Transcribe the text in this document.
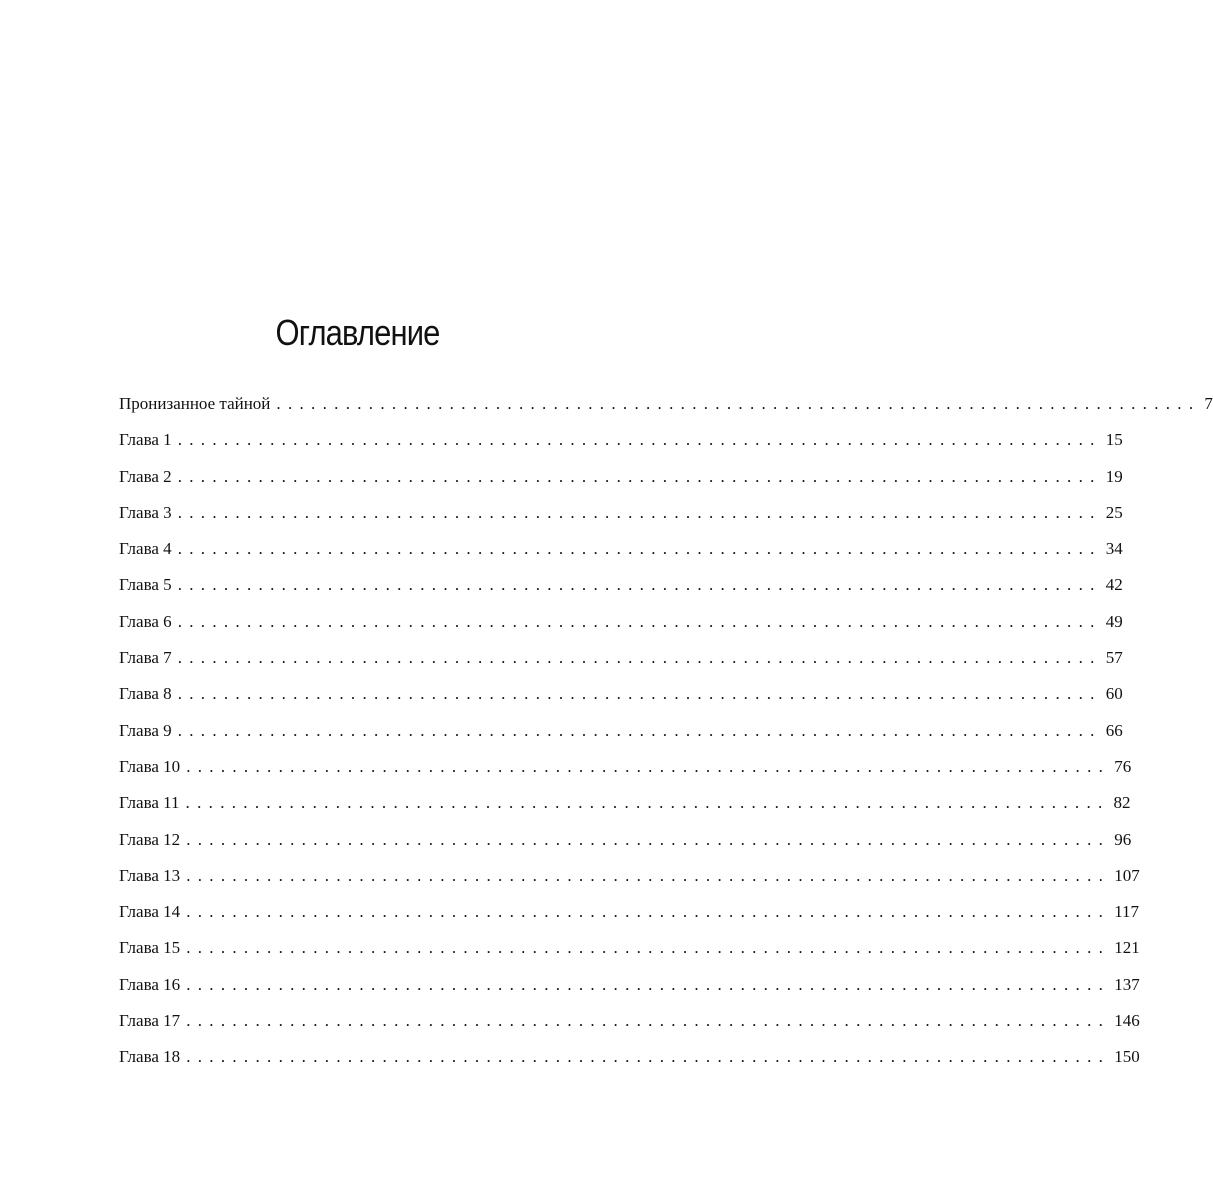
Оглавление
Пронизанное тайной ................................................................................ 7
Глава 1 ................................................................................ 15
Глава 2 ................................................................................ 19
Глава 3 ................................................................................ 25
Глава 4 ................................................................................ 34
Глава 5 ................................................................................ 42
Глава 6 ................................................................................ 49
Глава 7 ................................................................................ 57
Глава 8 ................................................................................ 60
Глава 9 ................................................................................ 66
Глава 10 ................................................................................ 76
Глава 11 ................................................................................ 82
Глава 12 ................................................................................ 96
Глава 13 ................................................................................ 107
Глава 14 ................................................................................ 117
Глава 15 ................................................................................ 121
Глава 16 ................................................................................ 137
Глава 17 ................................................................................ 146
Глава 18 ................................................................................ 150
